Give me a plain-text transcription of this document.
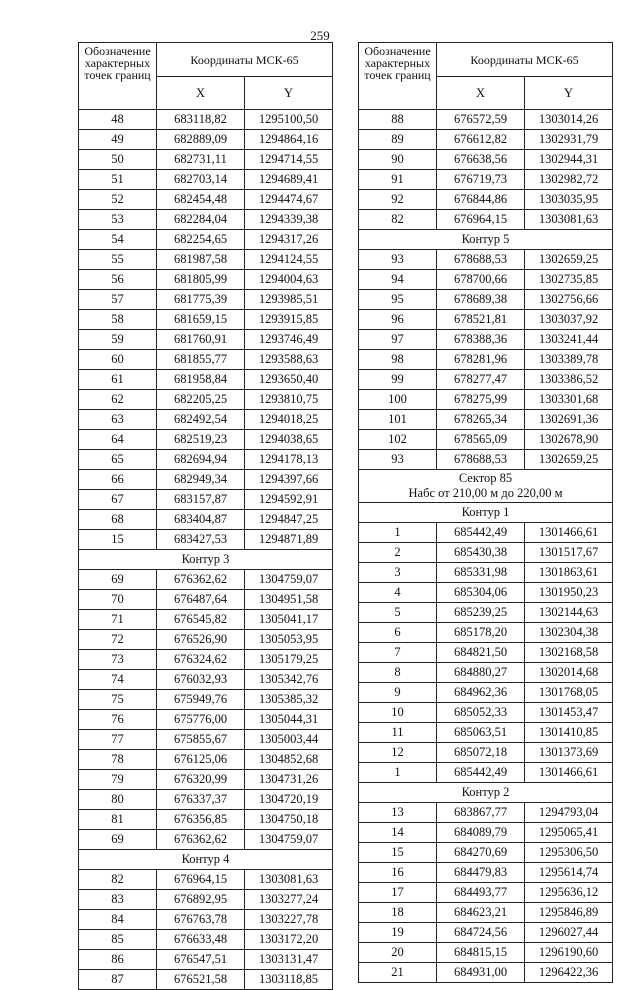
259
Обозначение характерных точек границ	Координаты МСК-65	
	X	Y
48	683118,82	1295100,50
49	682889,09	1294864,16
50	682731,11	1294714,55
51	682703,14	1294689,41
52	682454,48	1294474,67
53	682284,04	1294339,38
54	682254,65	1294317,26
55	681987,58	1294124,55
56	681805,99	1294004,63
57	681775,39	1293985,51
58	681659,15	1293915,85
59	681760,91	1293746,49
60	681855,77	1293588,63
61	681958,84	1293650,40
62	682205,25	1293810,75
63	682492,54	1294018,25
64	682519,23	1294038,65
65	682694,94	1294178,13
66	682949,34	1294397,66
67	683157,87	1294592,91
68	683404,87	1294847,25
15	683427,53	1294871,89
Контур 3		
69	676362,62	1304759,07
70	676487,64	1304951,58
71	676545,82	1305041,17
72	676526,90	1305053,95
73	676324,62	1305179,25
74	676032,93	1305342,76
75	675949,76	1305385,32
76	675776,00	1305044,31
77	675855,67	1305003,44
78	676125,06	1304852,68
79	676320,99	1304731,26
80	676337,37	1304720,19
81	676356,85	1304750,18
69	676362,62	1304759,07
Контур 4		
82	676964,15	1303081,63
83	676892,95	1303277,24
84	676763,78	1303227,78
85	676633,48	1303172,20
86	676547,51	1303131,47
87	676521,58	1303118,85
Обозначение характерных точек границ	Координаты МСК-65	
	X	Y
88	676572,59	1303014,26
89	676612,82	1302931,79
90	676638,56	1302944,31
91	676719,73	1302982,72
92	676844,86	1303035,95
82	676964,15	1303081,63
Контур 5		
93	678688,53	1302659,25
94	678700,66	1302735,85
95	678689,38	1302756,66
96	678521,81	1303037,92
97	678388,36	1303241,44
98	678281,96	1303389,78
99	678277,47	1303386,52
100	678275,99	1303301,68
101	678265,34	1302691,36
102	678565,09	1302678,90
93	678688,53	1302659,25

Сектор 85
Набс от 210,00 м до 220,00 м		

Контур 1		
1	685442,49	1301466,61
2	685430,38	1301517,67
3	685331,98	1301863,61
4	685304,06	1301950,23
5	685239,25	1302144,63
6	685178,20	1302304,38
7	684821,50	1302168,58
8	684880,27	1302014,68
9	684962,36	1301768,05
10	685052,33	1301453,47
11	685063,51	1301410,85
12	685072,18	1301373,69
1	685442,49	1301466,61
Контур 2		
13	683867,77	1294793,04
14	684089,79	1295065,41
15	684270,69	1295306,50
16	684479,83	1295614,74
17	684493,77	1295636,12
18	684623,21	1295846,89
19	684724,56	1296027,44
20	684815,15	1296190,60
21	684931,00	1296422,36
